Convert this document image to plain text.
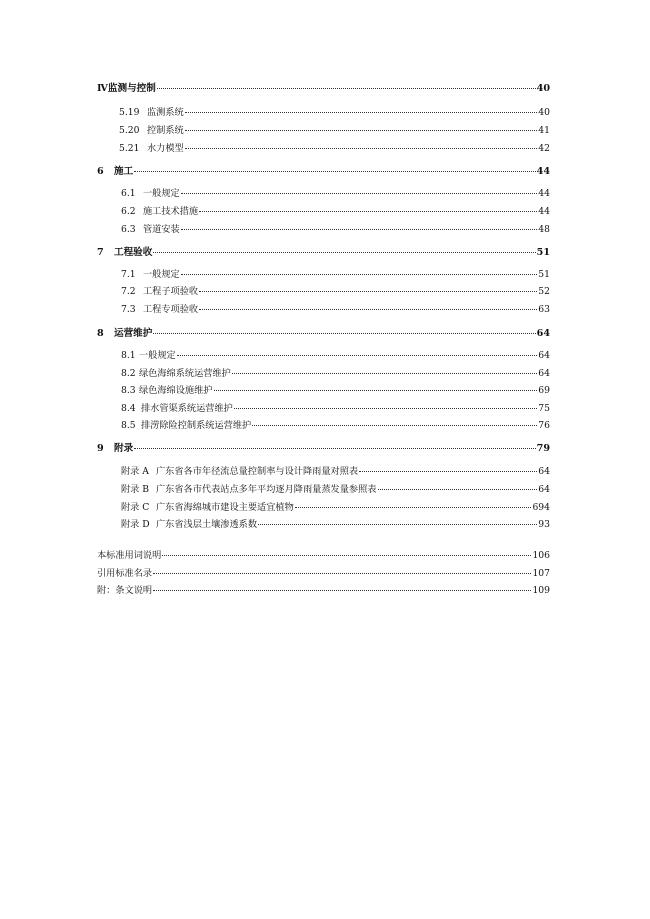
Ⅳ监测与控制	40
5.19 监测系统	40
5.20 控制系统	41
5.21 水力模型	42
6	施工	44
6.1 一般规定	44
6.2 施工技术措施	44
6.3 管道安装	48
7	工程验收	51
7.1 一般规定	51
7.2 工程子项验收	52
7.3 工程专项验收	63
8	运营维护	64
8.1 一般规定	64
8.2 绿色海绵系统运营维护	64
8.3 绿色海绵设施维护	69
8.4 排水管渠系统运营维护	75
8.5 排涝除险控制系统运营维护	76
9	附录	79
附录 A 广东省各市年径流总量控制率与设计降雨量对照表	64
附录 B 广东省各市代表站点多年平均逐月降雨量蒸发量参照表	64
附录 C 广东省海绵城市建设主要适宜植物	694
附录 D 广东省浅层土壤渗透系数	93
本标准用词说明	106
引用标准名录	107
附：条文说明	109
